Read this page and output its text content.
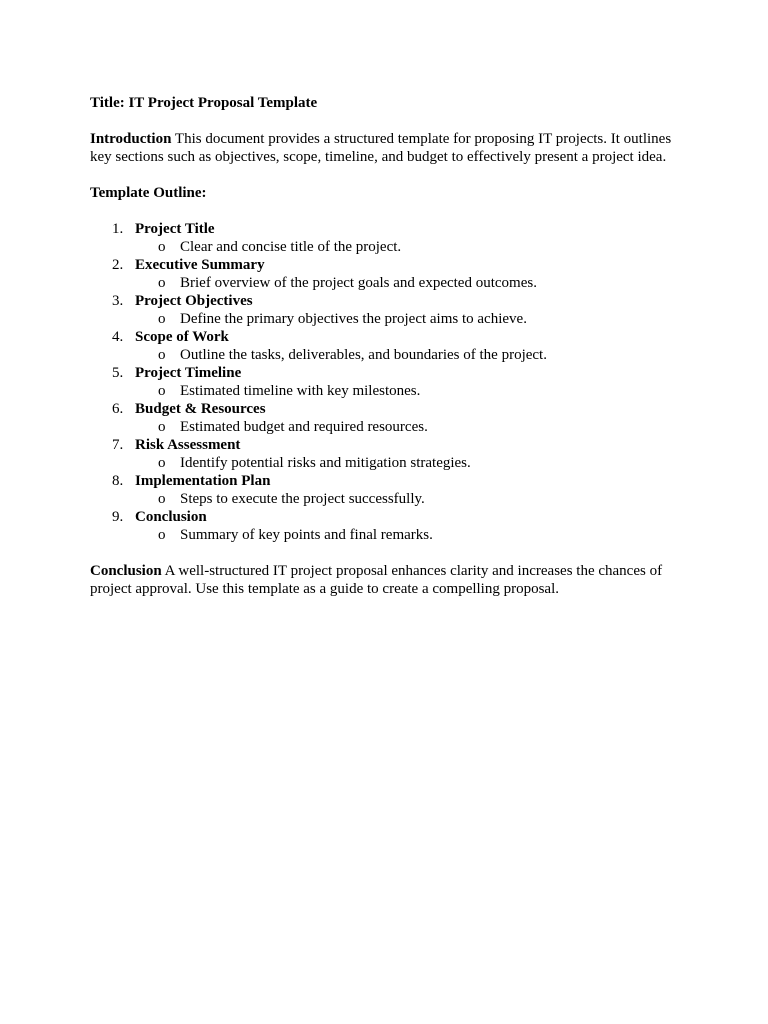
Title: IT Project Proposal Template

Introduction This document provides a structured template for proposing IT projects. It outlines key sections such as objectives, scope, timeline, and budget to effectively present a project idea.

Template Outline:

1. Project Title
o Clear and concise title of the project.
2. Executive Summary
o Brief overview of the project goals and expected outcomes.
3. Project Objectives
o Define the primary objectives the project aims to achieve.
4. Scope of Work
o Outline the tasks, deliverables, and boundaries of the project.
5. Project Timeline
o Estimated timeline with key milestones.
6. Budget & Resources
o Estimated budget and required resources.
7. Risk Assessment
o Identify potential risks and mitigation strategies.
8. Implementation Plan
o Steps to execute the project successfully.
9. Conclusion
o Summary of key points and final remarks.

Conclusion A well-structured IT project proposal enhances clarity and increases the chances of project approval. Use this template as a guide to create a compelling proposal.
